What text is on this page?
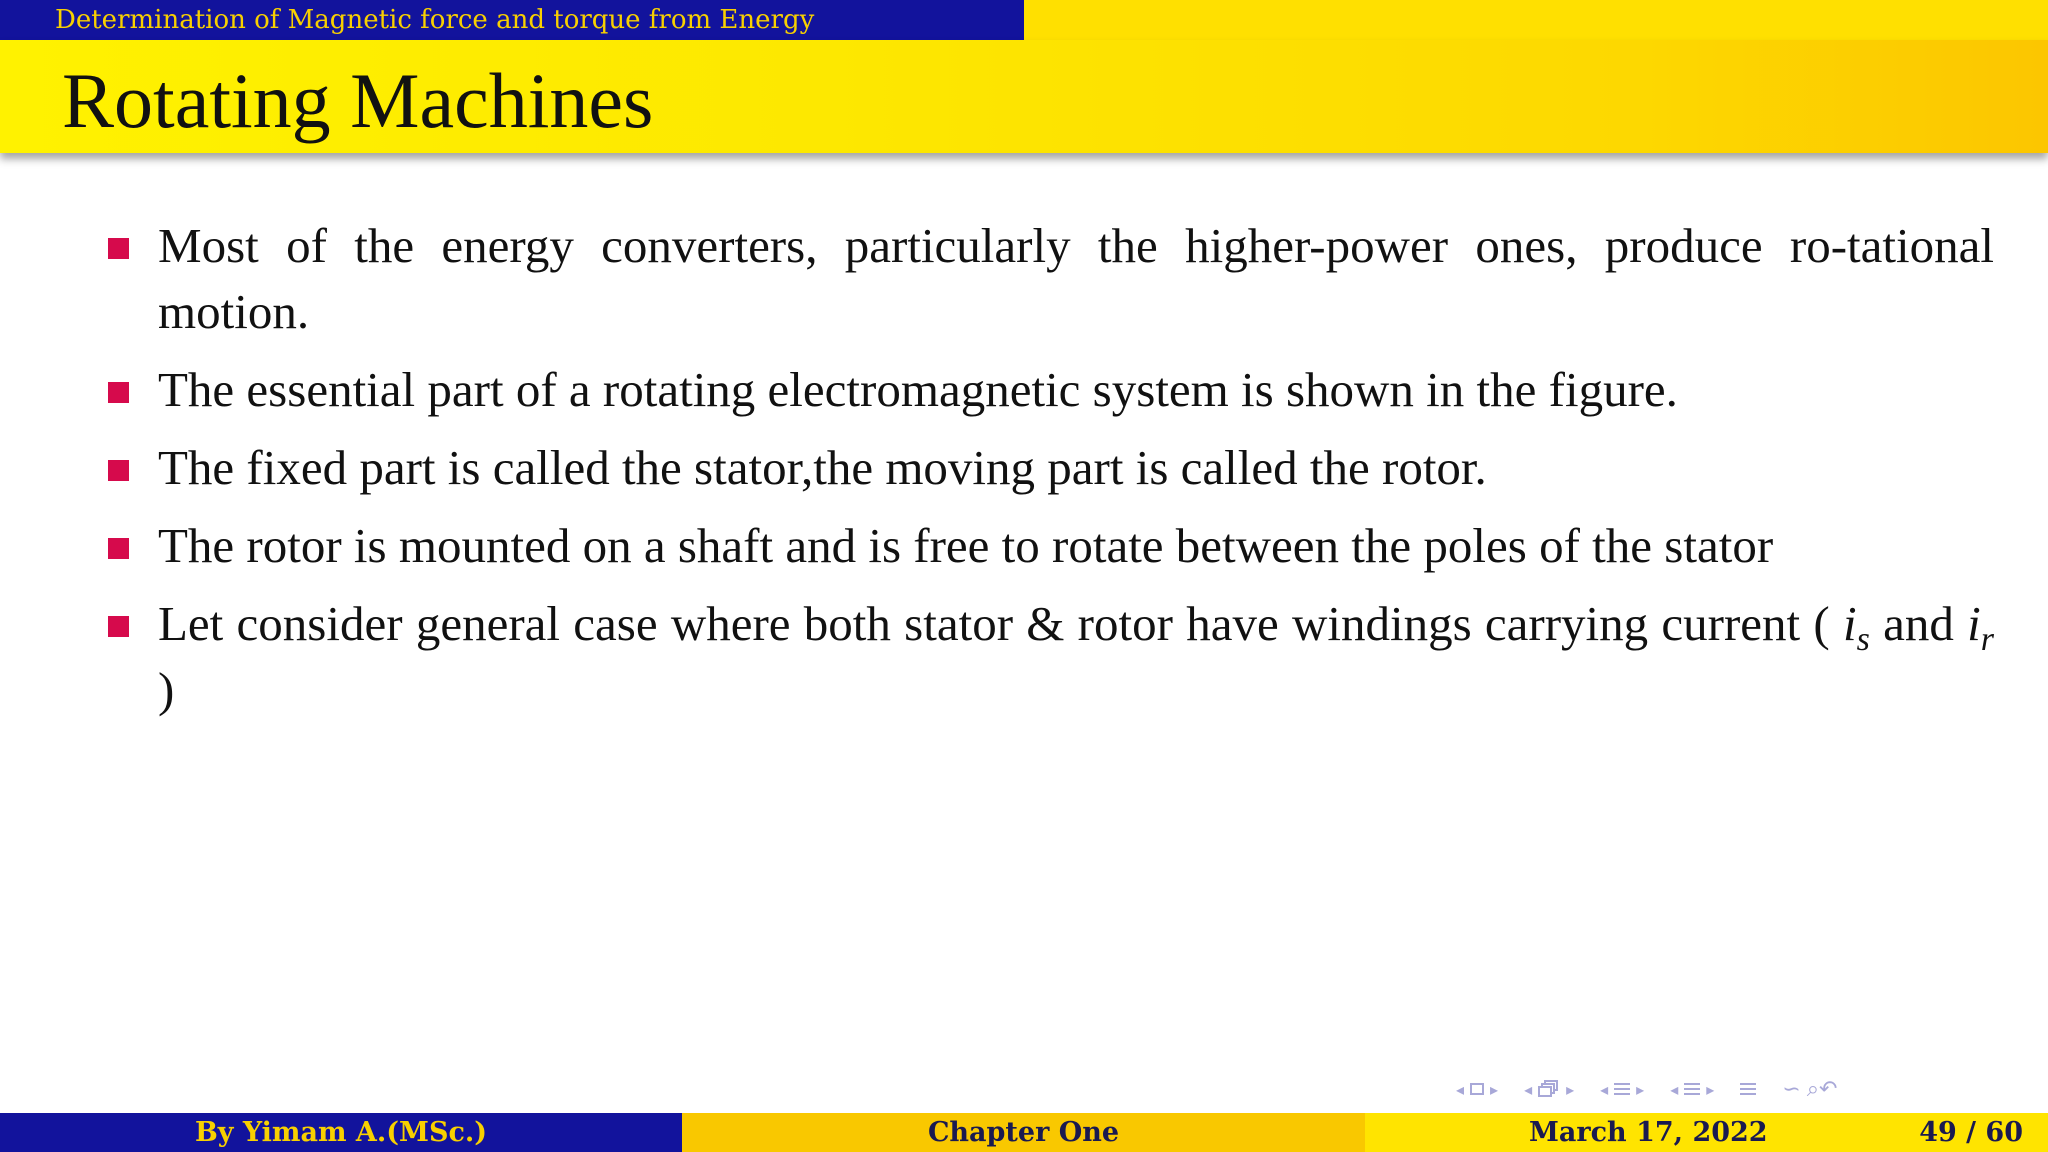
Determination of Magnetic force and torque from Energy
Rotating Machines
Most of the energy converters, particularly the higher-power ones, produce ro-tational motion.
The essential part of a rotating electromagnetic system is shown in the figure.
The fixed part is called the stator,the moving part is called the rotor.
The rotor is mounted on a shaft and is free to rotate between the poles of the stator
Let consider general case where both stator & rotor have windings carrying current ( $i_s$ and $i_r$ )
◂ ▸ ◂ ▸ ◂ ▸ ◂ ▸	∽ ⌕↶
By Yimam A.(MSc.)	Chapter One	March 17, 2022	49 / 60
